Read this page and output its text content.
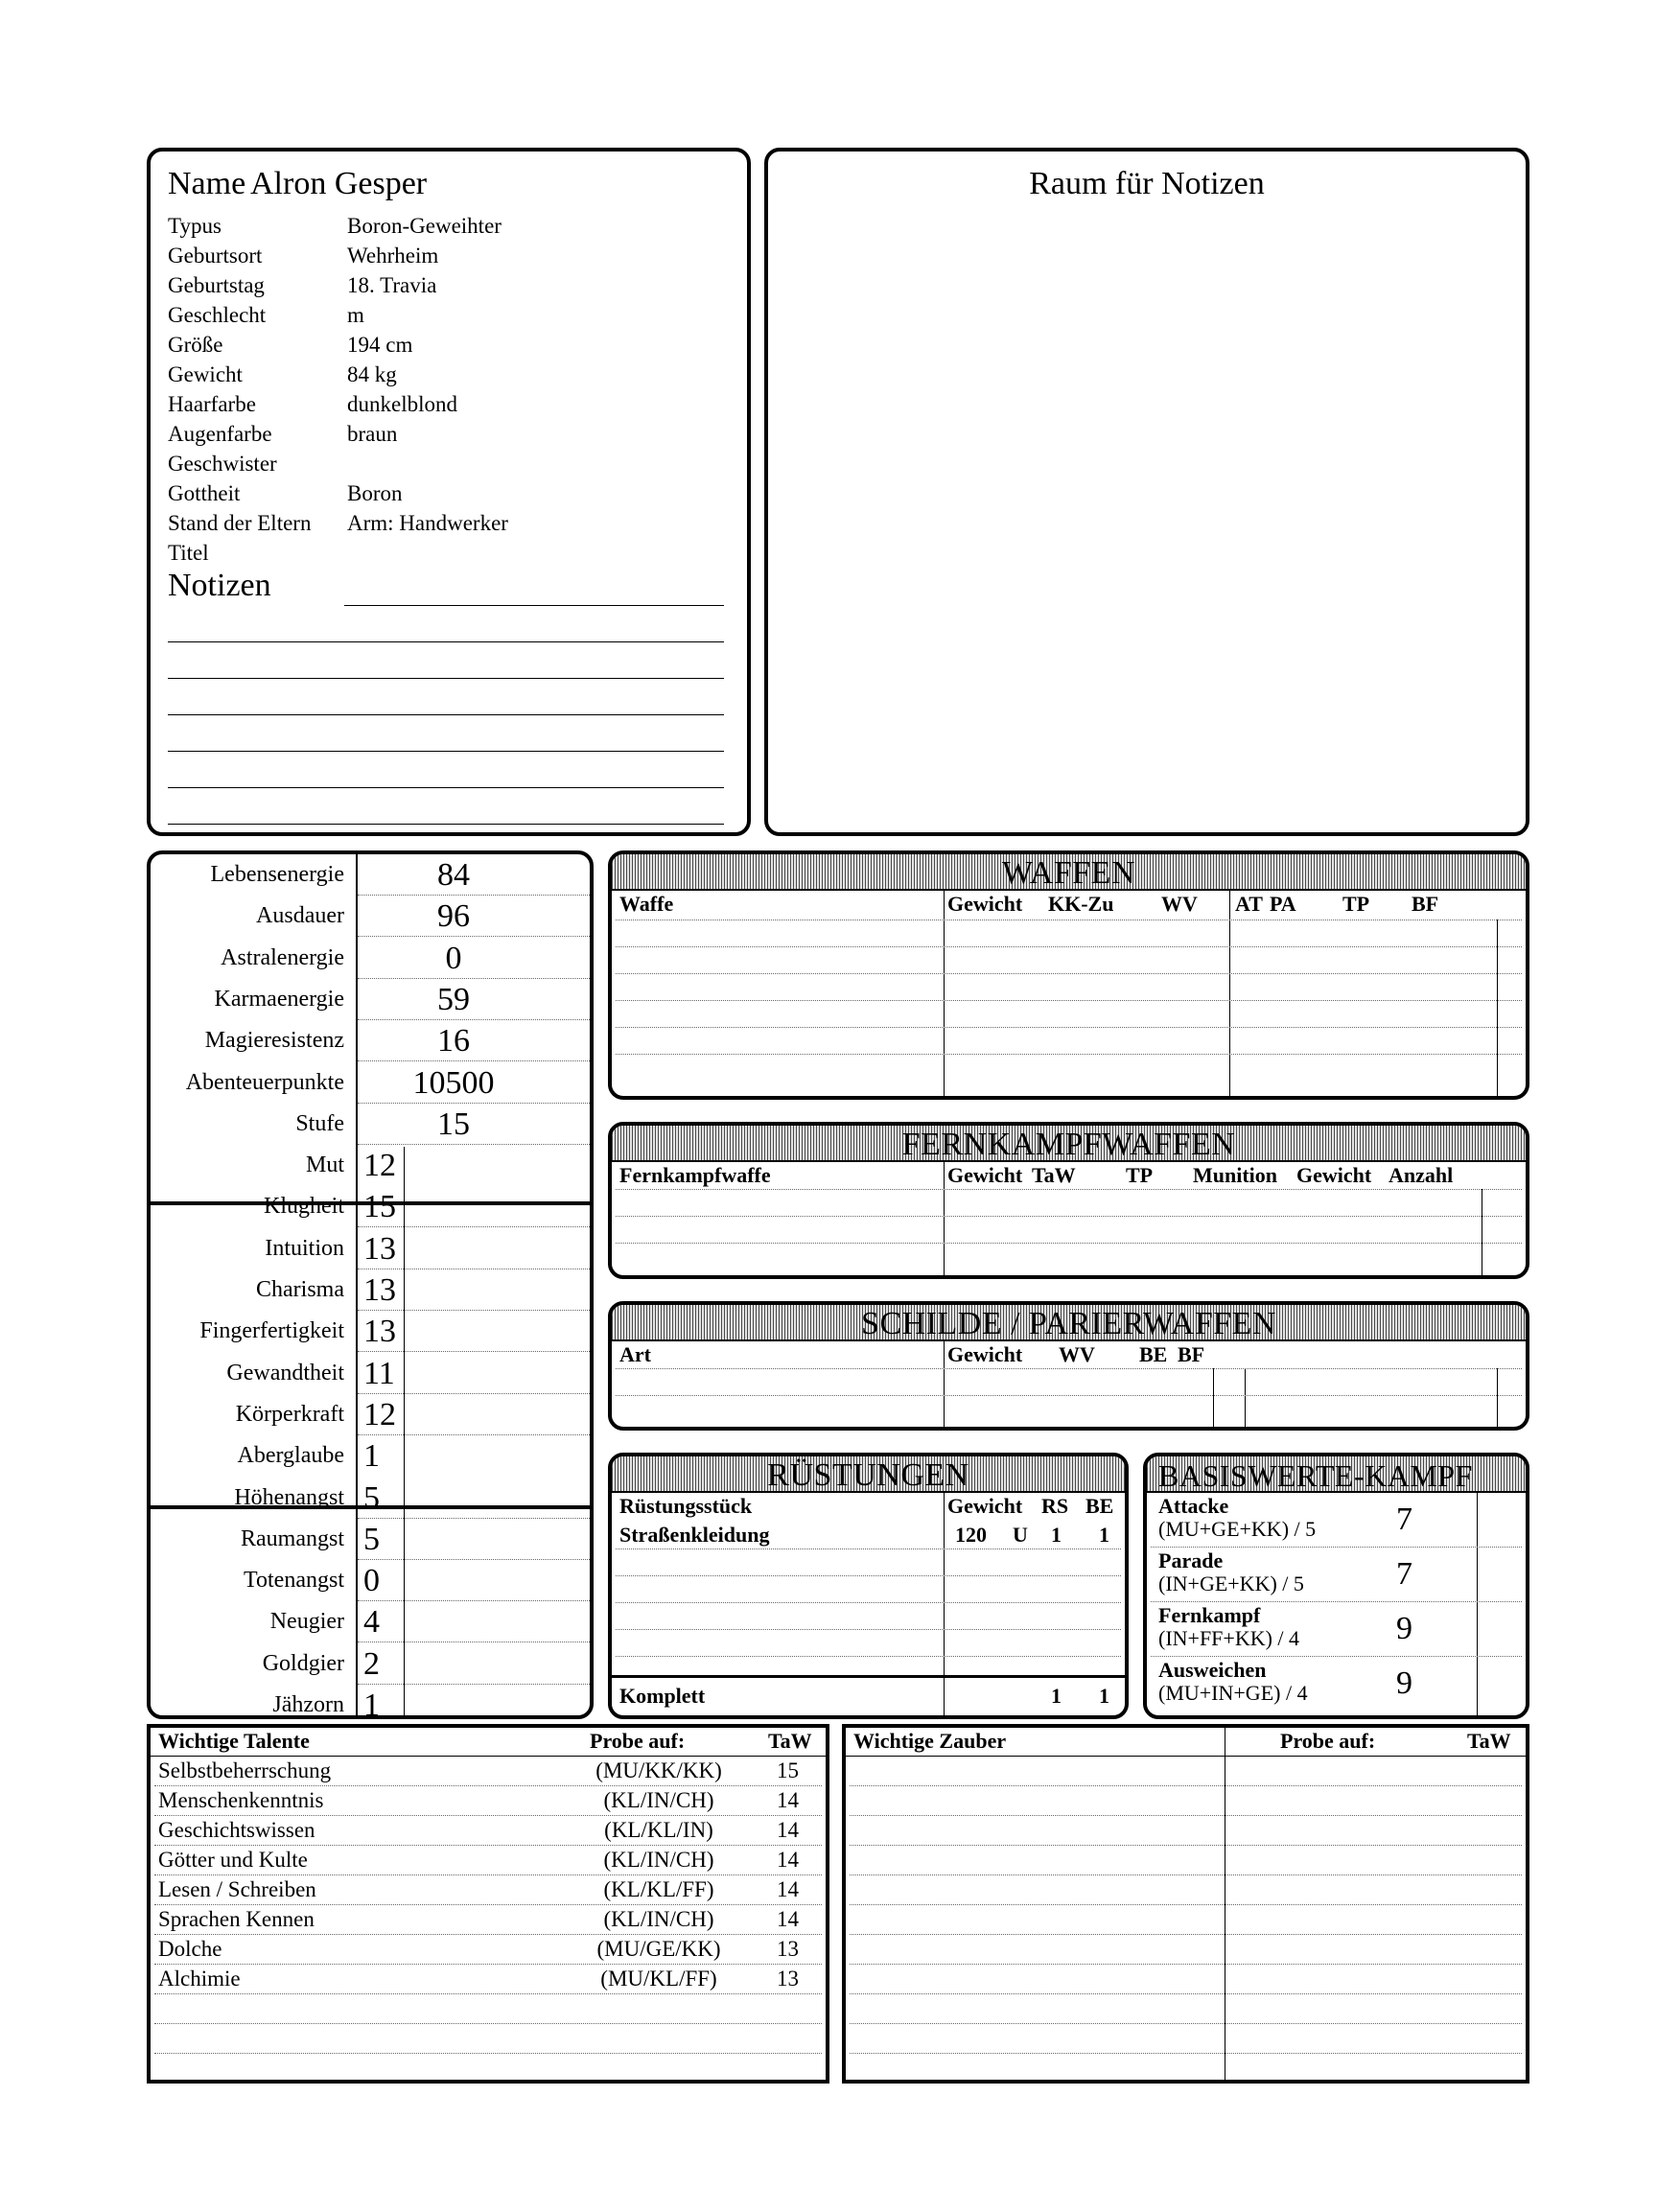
Name Alron Gesper
Typus	Boron-Geweihter
Geburtsort	Wehrheim
Geburtstag	18. Travia
Geschlecht	m
Größe	194 cm
Gewicht	84 kg
Haarfarbe	dunkelblond
Augenfarbe	braun
Geschwister
Gottheit	Boron
Stand der Eltern Arm: Handwerker
Titel
Notizen
Raum für Notizen
Lebensenergie	84
Ausdauer	96
Astralenergie	0
Karmaenergie	59
Magieresistenz	16
Abenteuerpunkte	10500
Stufe	15
Mut 12
Klugheit 15
Intuition 13
Charisma 13
Fingerfertigkeit 13
Gewandtheit 11
Körperkraft 12
Aberglaube 1
Höhenangst 5
Raumangst 5
Totenangst 0
Neugier 4
Goldgier 2
Jähzorn 1
WAFFEN
Waffe	Gewicht KK-Zu WV AT PA TP BF
FERNKAMPFWAFFEN
Fernkampfwaffe	Gewicht TaW TP Munition Gewicht Anzahl
SCHILDE / PARIERWAFFEN
Art	Gewicht WV BE BF
RÜSTUNGEN
Rüstungsstück	Gewicht RS BE
Straßenkleidung	120 U 1 1
Komplett	1 1
BASISWERTE-KAMPF
Attacke
(MU+GE+KK) / 5 7
Parade
(IN+GE+KK) / 5	7
Fernkampf
(IN+FF+KK) / 4	9
Ausweichen
(MU+IN+GE) / 4	9
Wichtige Talente	Probe auf:	TaW
Selbstbeherrschung	(MU/KK/KK)	15
Menschenkenntnis	(KL/IN/CH)	14
Geschichtswissen	(KL/KL/IN)	14
Götter und Kulte	(KL/IN/CH)	14
Lesen / Schreiben	(KL/KL/FF)	14
Sprachen Kennen	(KL/IN/CH)	14
Dolche	(MU/GE/KK)	13
Alchimie	(MU/KL/FF)	13
Wichtige Zauber	Probe auf:	TaW
